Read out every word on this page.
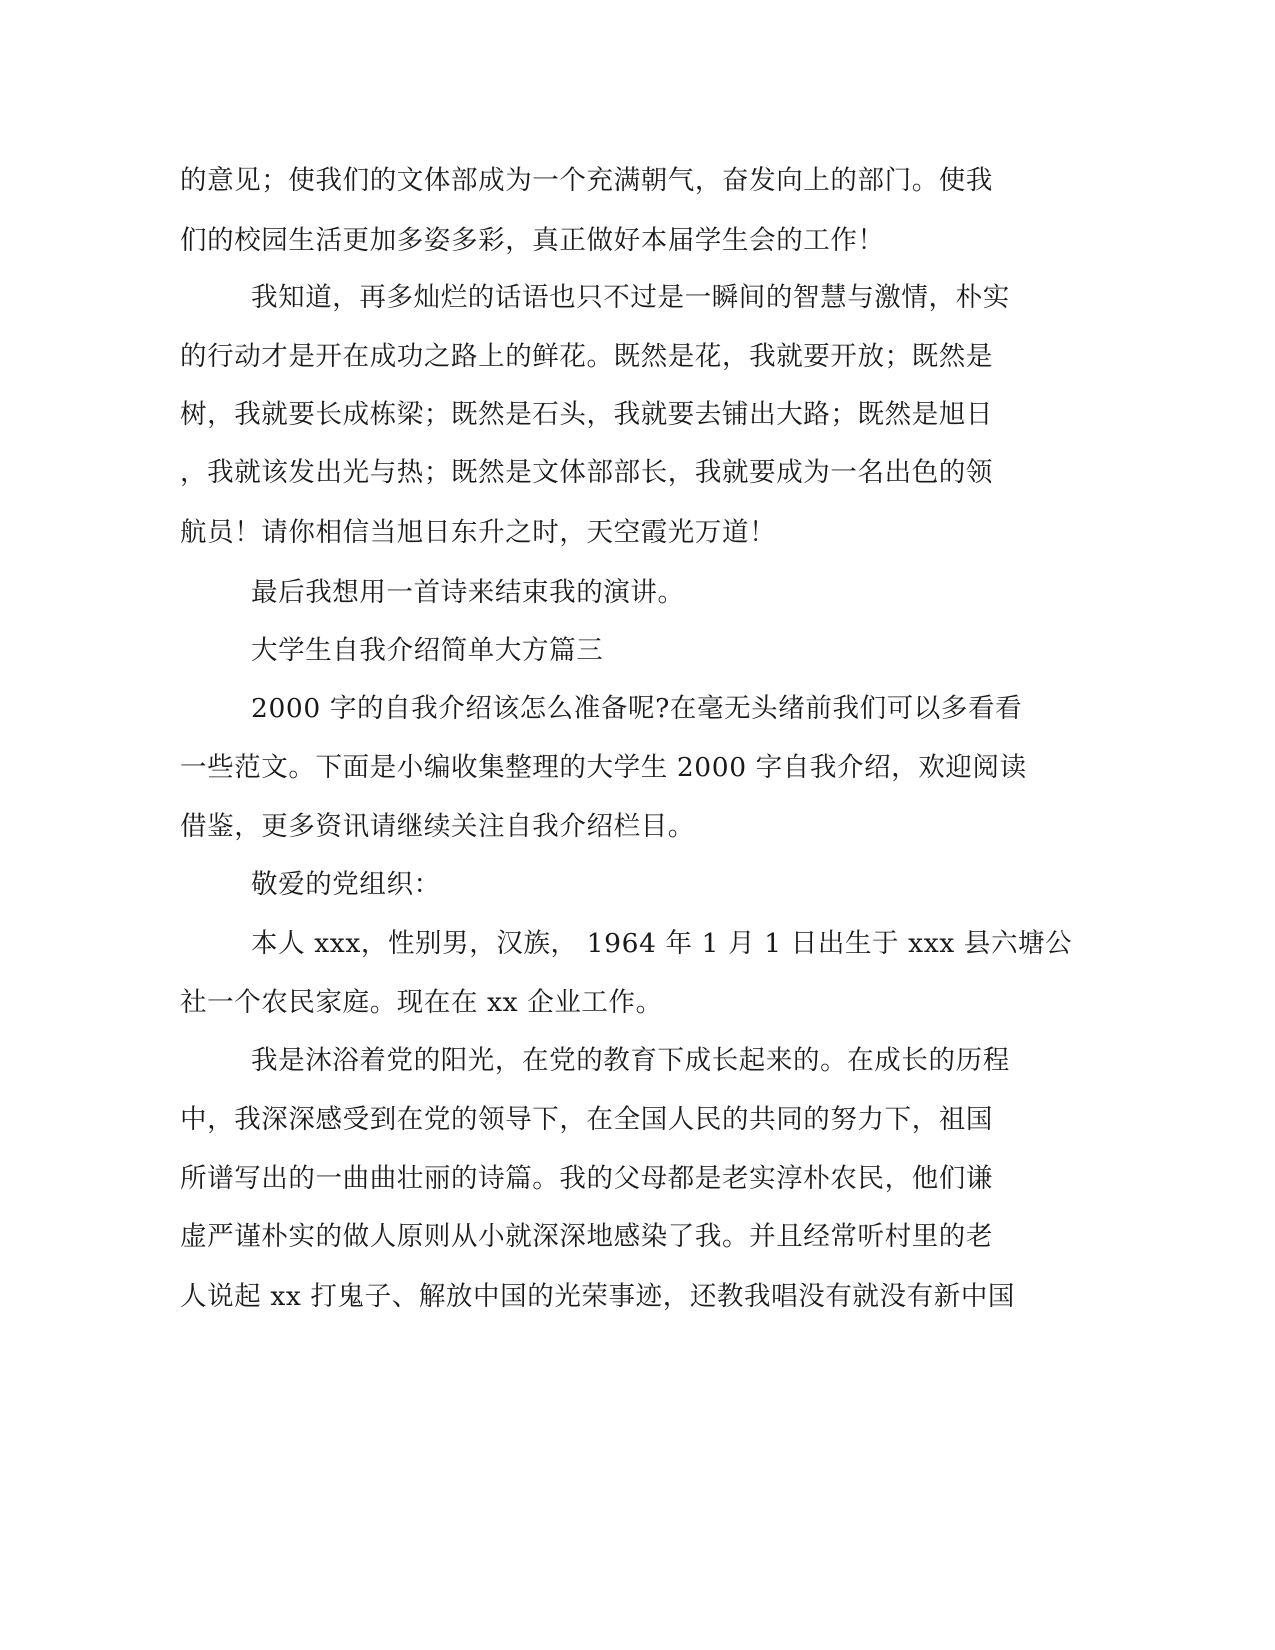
的意见；使我们的文体部成为一个充满朝气，奋发向上的部门。使我
们的校园生活更加多姿多彩，真正做好本届学生会的工作！
我知道，再多灿烂的话语也只不过是一瞬间的智慧与激情，朴实
的行动才是开在成功之路上的鲜花。既然是花，我就要开放；既然是
树，我就要长成栋梁；既然是石头，我就要去铺出大路；既然是旭日
，我就该发出光与热；既然是文体部部长，我就要成为一名出色的领
航员！请你相信当旭日东升之时，天空霞光万道！
最后我想用一首诗来结束我的演讲。
大学生自我介绍简单大方篇三
2000 字的自我介绍该怎么准备呢?在毫无头绪前我们可以多看看
一些范文。下面是小编收集整理的大学生 2000 字自我介绍，欢迎阅读
借鉴，更多资讯请继续关注自我介绍栏目。
敬爱的党组织：
本人 xxx，性别男，汉族， 1964 年 1 月 1 日出生于 xxx 县六塘公
社一个农民家庭。现在在 xx 企业工作。
我是沐浴着党的阳光，在党的教育下成长起来的。在成长的历程
中，我深深感受到在党的领导下，在全国人民的共同的努力下，祖国
所谱写出的一曲曲壮丽的诗篇。我的父母都是老实淳朴农民，他们谦
虚严谨朴实的做人原则从小就深深地感染了我。并且经常听村里的老
人说起 xx 打鬼子、解放中国的光荣事迹，还教我唱没有就没有新中国
